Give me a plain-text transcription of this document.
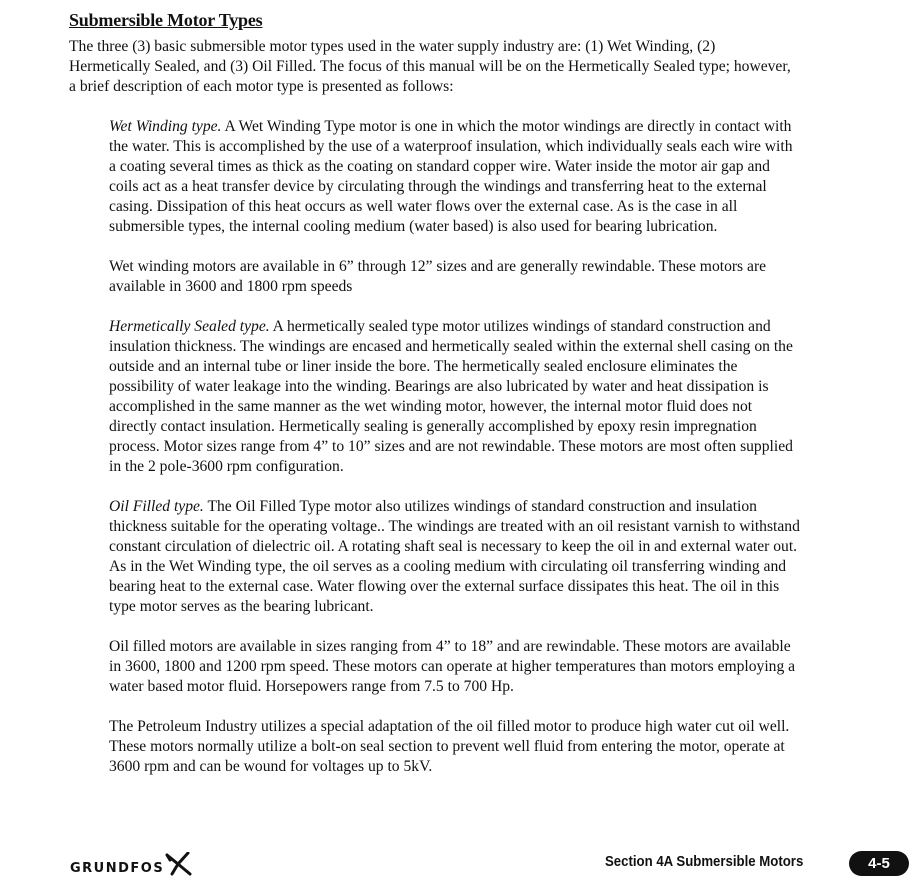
Submersible Motor Types
The three (3) basic submersible motor types used in the water supply industry are: (1) Wet Winding, (2)
Hermetically Sealed, and (3) Oil Filled. The focus of this manual will be on the Hermetically Sealed type; however,
a brief description of each motor type is presented as follows:
Wet Winding type. A Wet Winding Type motor is one in which the motor windings are directly in contact with
the water. This is accomplished by the use of a waterproof insulation, which individually seals each wire with
a coating several times as thick as the coating on standard copper wire. Water inside the motor air gap and
coils act as a heat transfer device by circulating through the windings and transferring heat to the external
casing. Dissipation of this heat occurs as well water flows over the external case. As is the case in all
submersible types, the internal cooling medium (water based) is also used for bearing lubrication.
Wet winding motors are available in 6” through 12” sizes and are generally rewindable. These motors are
available in 3600 and 1800 rpm speeds
Hermetically Sealed type. A hermetically sealed type motor utilizes windings of standard construction and
insulation thickness. The windings are encased and hermetically sealed within the external shell casing on the
outside and an internal tube or liner inside the bore. The hermetically sealed enclosure eliminates the
possibility of water leakage into the winding. Bearings are also lubricated by water and heat dissipation is
accomplished in the same manner as the wet winding motor, however, the internal motor fluid does not
directly contact insulation. Hermetically sealing is generally accomplished by epoxy resin impregnation
process. Motor sizes range from 4” to 10” sizes and are not rewindable. These motors are most often supplied
in the 2 pole-3600 rpm configuration.
Oil Filled type. The Oil Filled Type motor also utilizes windings of standard construction and insulation
thickness suitable for the operating voltage.. The windings are treated with an oil resistant varnish to withstand
constant circulation of dielectric oil. A rotating shaft seal is necessary to keep the oil in and external water out.
As in the Wet Winding type, the oil serves as a cooling medium with circulating oil transferring winding and
bearing heat to the external case. Water flowing over the external surface dissipates this heat. The oil in this
type motor serves as the bearing lubricant.
Oil filled motors are available in sizes ranging from 4” to 18” and are rewindable. These motors are available
in 3600, 1800 and 1200 rpm speed. These motors can operate at higher temperatures than motors employing a
water based motor fluid. Horsepowers range from 7.5 to 700 Hp.
The Petroleum Industry utilizes a special adaptation of the oil filled motor to produce high water cut oil well.
These motors normally utilize a bolt-on seal section to prevent well fluid from entering the motor, operate at
3600 rpm and can be wound for voltages up to 5kV.
GRUNDFOS	Section 4A Submersible Motors	4-5
